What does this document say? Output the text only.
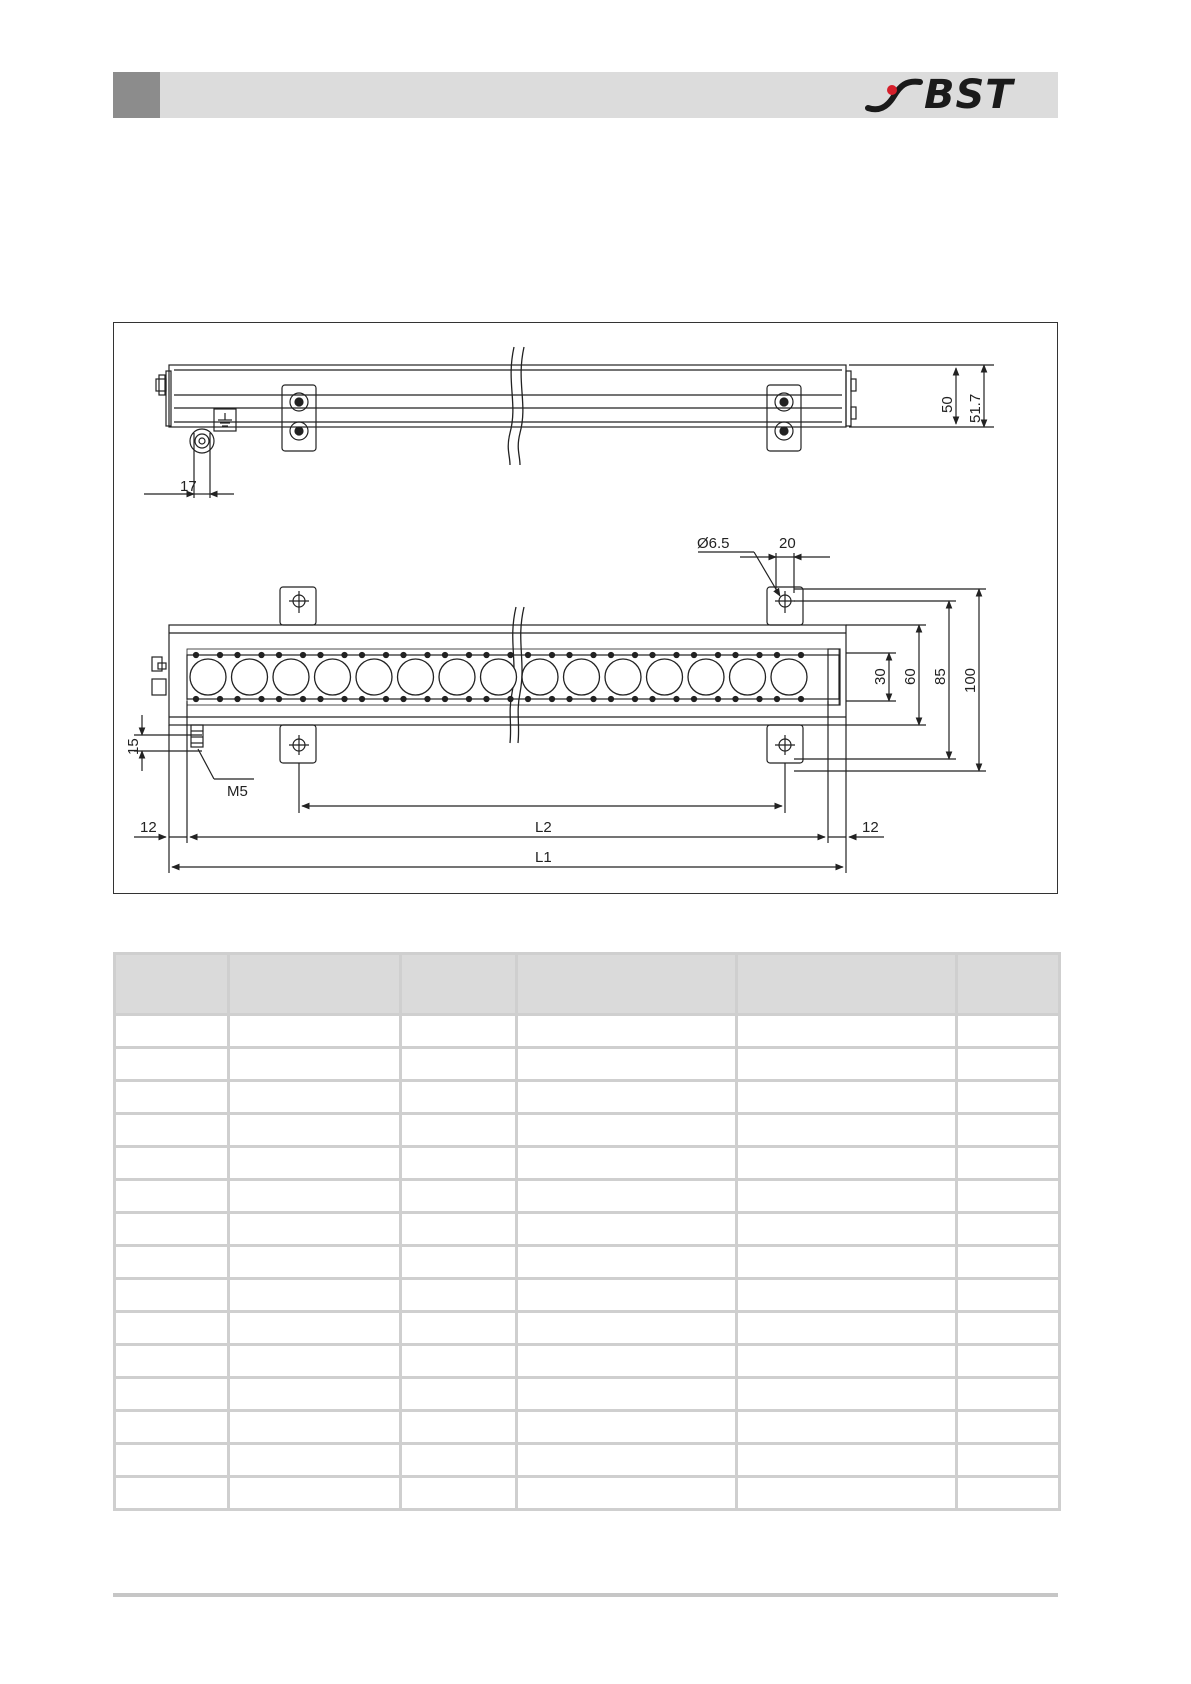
BST
17
50 51.7
Ø6.5	20
30 60 85 100
15
M5
12	12
L2
L1
